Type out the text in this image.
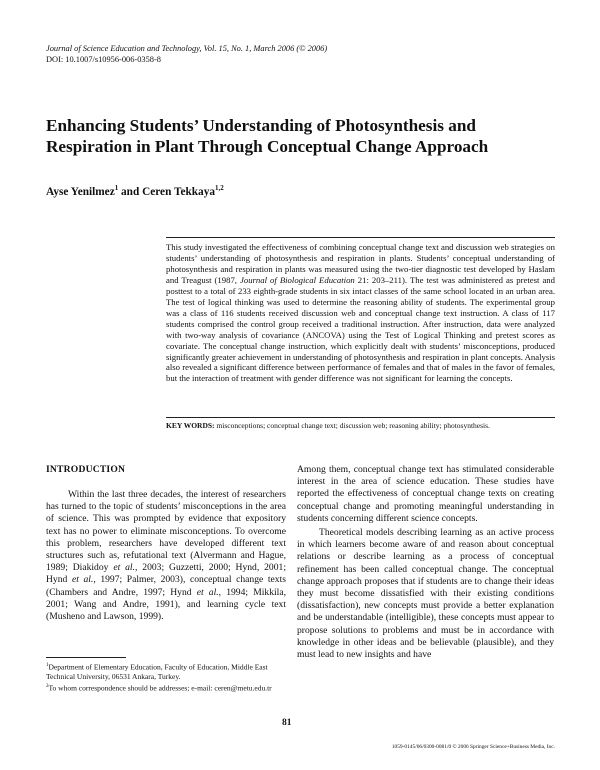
Journal of Science Education and Technology, Vol. 15, No. 1, March 2006 (© 2006)
DOI: 10.1007/s10956-006-0358-8
Enhancing Students’ Understanding of Photosynthesis and
Respiration in Plant Through Conceptual Change Approach
Ayse Yenilmez$^1$ and Ceren Tekkaya$^{1,2}$
This study investigated the effectiveness of combining conceptual change text and discussion web strategies on students’ understanding of photosynthesis and respiration in plants. Students’ conceptual understanding of photosynthesis and respiration in plants was measured using the two-tier diagnostic test developed by Haslam and Treagust (1987, Journal of Biological Education 21: 203–211). The test was administered as pretest and posttest to a total of 233 eighth-grade students in six intact classes of the same school located in an urban area. The test of logical thinking was used to determine the reasoning ability of students. The experimental group was a class of 116 students received discussion web and conceptual change text instruction. A class of 117 students comprised the control group received a traditional instruction. After instruction, data were analyzed with two-way analysis of covariance (ANCOVA) using the Test of Logical Thinking and pretest scores as covariate. The conceptual change instruction, which explicitly dealt with students’ misconceptions, produced significantly greater achievement in understanding of photosynthesis and respiration in plant concepts. Analysis also revealed a significant difference between performance of females and that of males in the favor of females, but the interaction of treatment with gender difference was not significant for learning the concepts.
KEY WORDS: misconceptions; conceptual change text; discussion web; reasoning ability; photosynthesis.
INTRODUCTION

Within the last three decades, the interest of researchers has turned to the topic of students’ misconceptions in the area of science. This was prompted by evidence that expository text has no power to eliminate misconceptions. To overcome this problem, researchers have developed different text structures such as, refutational text (Alvermann and Hague, 1989; Diakidoy et al., 2003; Guzzetti, 2000; Hynd, 2001; Hynd et al., 1997; Palmer, 2003), conceptual change texts (Chambers and Andre, 1997; Hynd et al., 1994; Mikkila, 2001; Wang and Andre, 1991), and learning cycle text (Musheno and Lawson, 1999).

Among them, conceptual change text has stimulated considerable interest in the area of science education. These studies have reported the effectiveness of conceptual change texts on creating conceptual change and promoting meaningful understanding in students concerning different science concepts.

Theoretical models describing learning as an active process in which learners become aware of and reason about conceptual relations or describe learning as a process of conceptual refinement has been called conceptual change. The conceptual change approach proposes that if students are to change their ideas they must become dissatisfied with their existing conditions (dissatisfaction), new concepts must provide a better explanation and be understandable (intelligible), these concepts must appear to propose solutions to problems and must be in accordance with knowledge in other ideas and be believable (plausible), and they must lead to new insights and have

$^1$Department of Elementary Education, Faculty of Education, Middle East Technical University, 06531 Ankara, Turkey.

$^2$To whom correspondence should be addresses; e-mail: ceren@metu.edu.tr

81
1059-0145/06/0300-0081/0 © 2006 Springer Science+Business Media, Inc.
